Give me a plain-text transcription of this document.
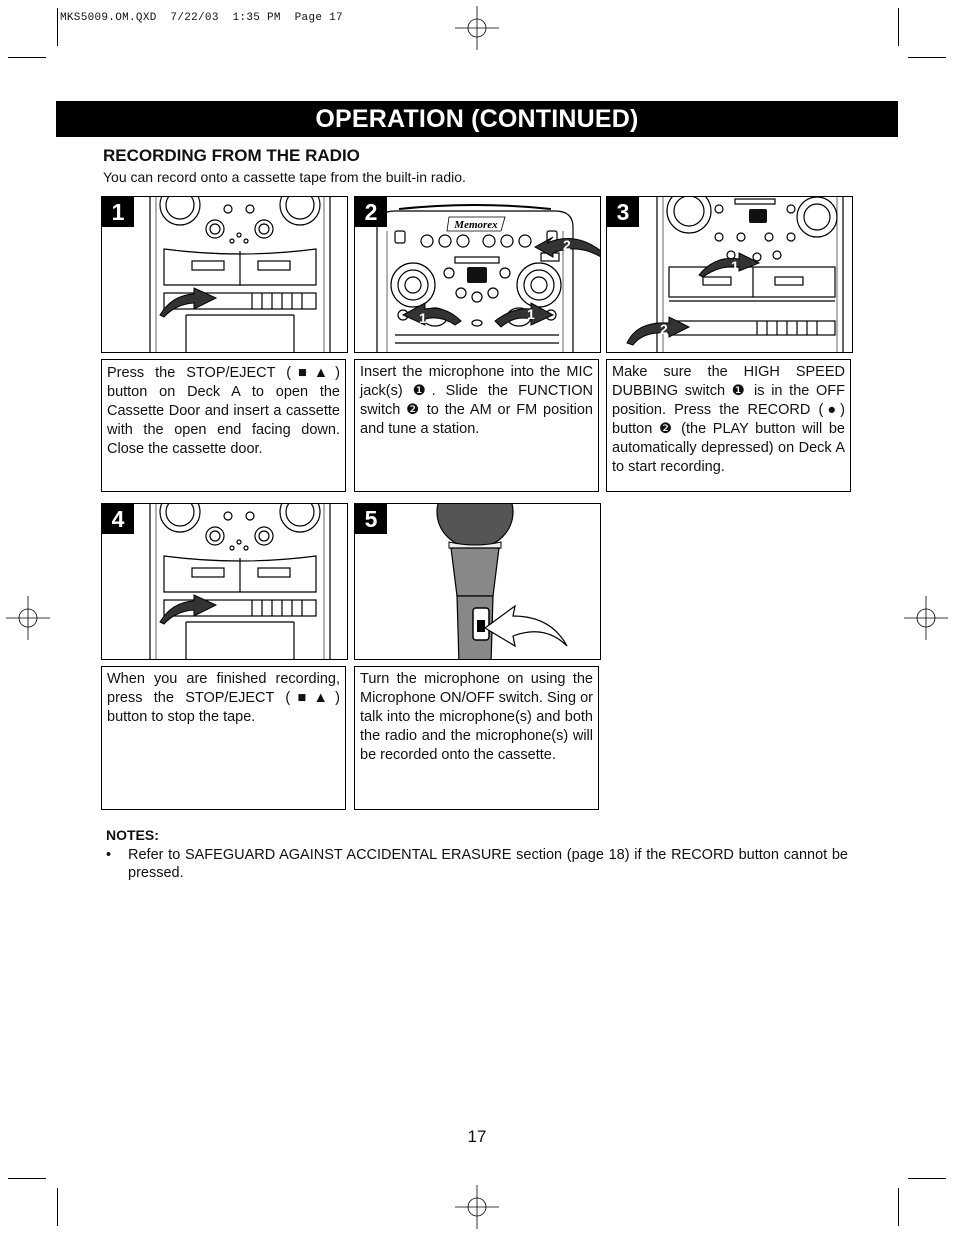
MKS5009.OM.QXD  7/22/03  1:35 PM  Page 17
OPERATION (CONTINUED)
RECORDING FROM THE RADIO
You can record onto a cassette tape from the built-in radio.
1
Press the STOP/EJECT (■▲) button on Deck A to open the Cassette Door and insert a cassette with the open end facing down. Close the cassette door.
Memorex
2
1	1
2
Insert the microphone into the MIC jack(s) ❶. Slide the FUNCTION switch ❷ to the AM or FM position and tune a station.
1
2
3
Make sure the HIGH SPEED DUBBING switch ❶ is in the OFF position. Press the RECORD (●) button ❷ (the PLAY button will be automatically depressed) on Deck A to start recording.
4
When you are finished recording, press the STOP/EJECT (■▲) button to stop the tape.
5
Turn the microphone on using the Microphone ON/OFF switch. Sing or talk into the microphone(s) and both the radio and the microphone(s) will be recorded onto the cassette.
NOTES:
• Refer to SAFEGUARD AGAINST ACCIDENTAL ERASURE section (page 18) if the RECORD button cannot be pressed.
17
